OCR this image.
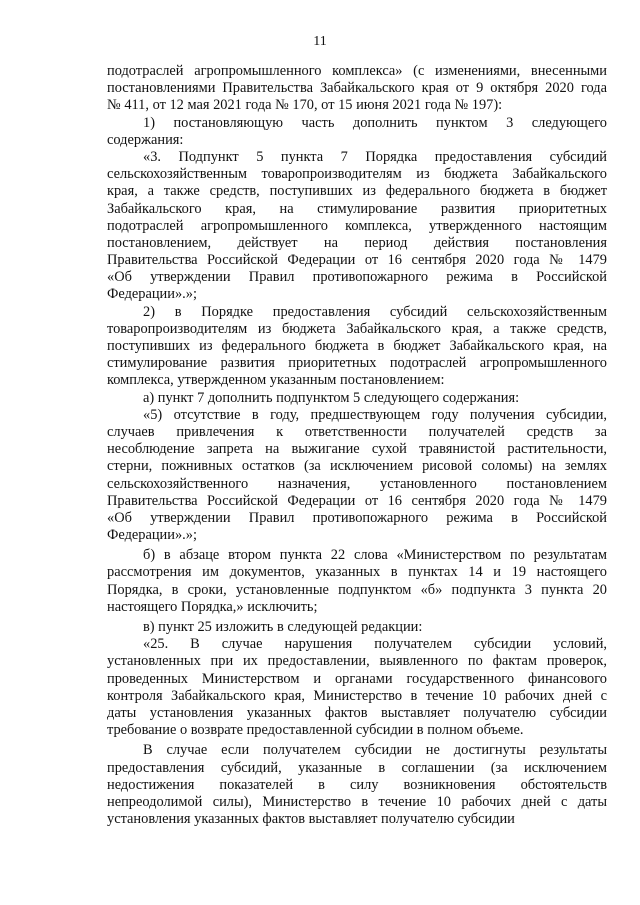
11
подотраслей агропромышленного комплекса» (с изменениями, внесенными
постановлениями Правительства Забайкальского края от 9 октября 2020 года
№ 411, от 12 мая 2021 года № 170, от 15 июня 2021 года № 197):
1) постановляющую часть дополнить пунктом 3 следующего
содержания:
«3. Подпункт 5 пункта 7 Порядка предоставления субсидий
сельскохозяйственным товаропроизводителям из бюджета Забайкальского
края, а также средств, поступивших из федерального бюджета в бюджет
Забайкальского края, на стимулирование развития приоритетных
подотраслей агропромышленного комплекса, утвержденного настоящим
постановлением, действует на период действия постановления
Правительства Российской Федерации от 16 сентября 2020 года № 1479
«Об утверждении Правил противопожарного режима в Российской
Федерации».»;
2) в Порядке предоставления субсидий сельскохозяйственным
товаропроизводителям из бюджета Забайкальского края, а также средств,
поступивших из федерального бюджета в бюджет Забайкальского края, на
стимулирование развития приоритетных подотраслей агропромышленного
комплекса, утвержденном указанным постановлением:
а) пункт 7 дополнить подпунктом 5 следующего содержания:
«5) отсутствие в году, предшествующем году получения субсидии,
случаев привлечения к ответственности получателей средств за
несоблюдение запрета на выжигание сухой травянистой растительности,
стерни, пожнивных остатков (за исключением рисовой соломы) на землях
сельскохозяйственного назначения, установленного постановлением
Правительства Российской Федерации от 16 сентября 2020 года № 1479
«Об утверждении Правил противопожарного режима в Российской
Федерации».»;
б) в абзаце втором пункта 22 слова «Министерством по результатам
рассмотрения им документов, указанных в пунктах 14 и 19 настоящего
Порядка, в сроки, установленные подпунктом «б» подпункта 3 пункта 20
настоящего Порядка,» исключить;
в) пункт 25 изложить в следующей редакции:
«25. В случае нарушения получателем субсидии условий,
установленных при их предоставлении, выявленного по фактам проверок,
проведенных Министерством и органами государственного финансового
контроля Забайкальского края, Министерство в течение 10 рабочих дней с
даты установления указанных фактов выставляет получателю субсидии
требование о возврате предоставленной субсидии в полном объеме.
В случае если получателем субсидии не достигнуты результаты
предоставления субсидий, указанные в соглашении (за исключением
недостижения показателей в силу возникновения обстоятельств
непреодолимой силы), Министерство в течение 10 рабочих дней с даты
установления указанных фактов выставляет получателю субсидии
